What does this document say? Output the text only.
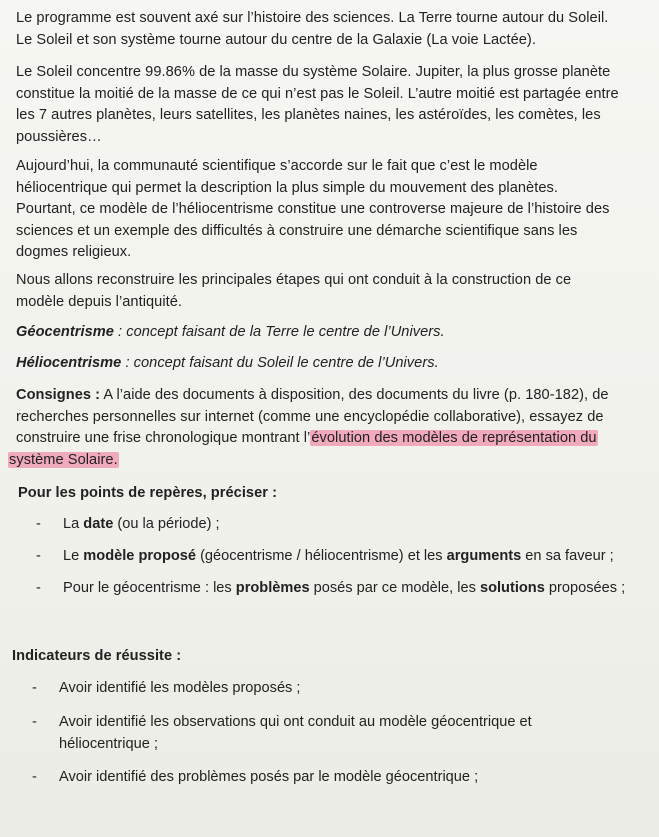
Le programme est souvent axé sur l’histoire des sciences. La Terre tourne autour du Soleil.
Le Soleil et son système tourne autour du centre de la Galaxie (La voie Lactée).
Le Soleil concentre 99.86% de la masse du système Solaire. Jupiter, la plus grosse planète
constitue la moitié de la masse de ce qui n’est pas le Soleil. L’autre moitié est partagée entre
les 7 autres planètes, leurs satellites, les planètes naines, les astéroïdes, les comètes, les
poussières…
Aujourd’hui, la communauté scientifique s’accorde sur le fait que c’est le modèle
héliocentrique qui permet la description la plus simple du mouvement des planètes.
Pourtant, ce modèle de l’héliocentrisme constitue une controverse majeure de l’histoire des
sciences et un exemple des difficultés à construire une démarche scientifique sans les
dogmes religieux.
Nous allons reconstruire les principales étapes qui ont conduit à la construction de ce
modèle depuis l’antiquité.
Géocentrisme : concept faisant de la Terre le centre de l’Univers.
Héliocentrisme : concept faisant du Soleil le centre de l’Univers.
Consignes : A l’aide des documents à disposition, des documents du livre (p. 180-182), de
recherches personnelles sur internet (comme une encyclopédie collaborative), essayez de
construire une frise chronologique montrant l’évolution des modèles de représentation du
système Solaire.
Pour les points de repères, préciser :
- La date (ou la période) ;
- Le modèle proposé (géocentrisme / héliocentrisme) et les arguments en sa faveur ;
- Pour le géocentrisme : les problèmes posés par ce modèle, les solutions proposées ;
Indicateurs de réussite :
- Avoir identifié les modèles proposés ;
- Avoir identifié les observations qui ont conduit au modèle géocentrique et
héliocentrique ;
- Avoir identifié des problèmes posés par le modèle géocentrique ;
